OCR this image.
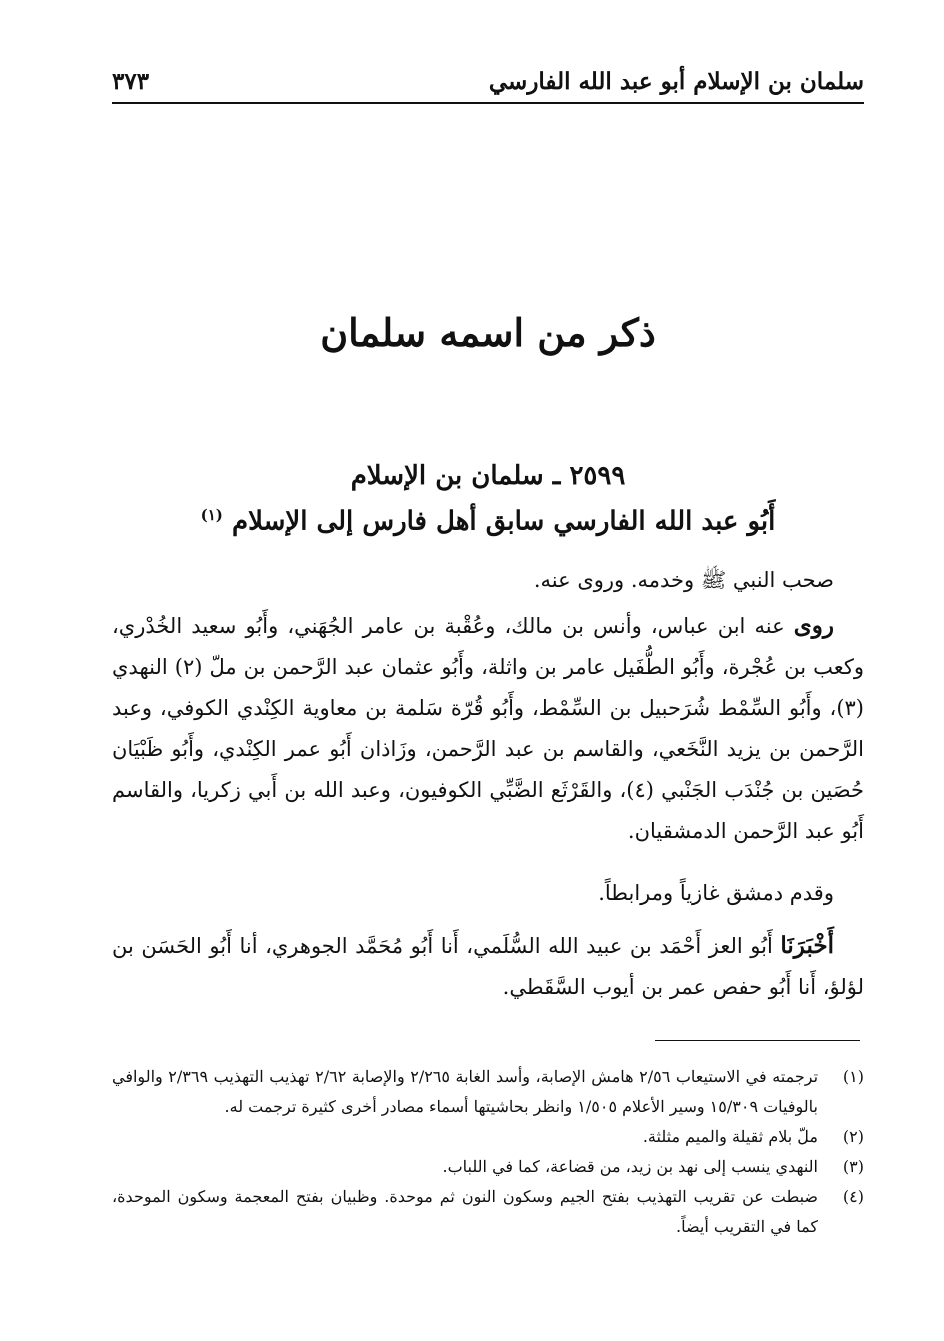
سلمان بن الإسلام أبو عبد الله الفارسي
٣٧٣
ذكر من اسمه سلمان
٢٥٩٩ ـ سلمان بن الإسلام
أَبُو عبد الله الفارسي سابق أهل فارس إلى الإسلام $^{(١)}$
صحب النبي ﷺ وخدمه. وروى عنه.
روى عنه ابن عباس، وأنس بن مالك، وعُقْبة بن عامر الجُهَني، وأَبُو سعيد الخُدْري، وكعب بن عُجْرة، وأَبُو الطُّفَيل عامر بن واثلة، وأَبُو عثمان عبد الرَّحمن بن ملّ (٢) النهدي (٣)، وأَبُو السِّمْط شُرَحبيل بن السِّمْط، وأَبُو قُرّة سَلمة بن معاوية الكِنْدي الكوفي، وعبد الرَّحمن بن يزيد النَّخَعي، والقاسم بن عبد الرَّحمن، وزَاذان أَبُو عمر الكِنْدي، وأَبُو ظَبْيَان حُصَين بن جُنْدَب الجَنْبي (٤)، والقَرْثَع الضَّبِّي الكوفيون، وعبد الله بن أَبي زكريا، والقاسم أَبُو عبد الرَّحمن الدمشقيان.
وقدم دمشق غازياً ومرابطاً.
أَخْبَرَنَا أَبُو العز أَحْمَد بن عبيد الله السُّلَمي، أَنا أَبُو مُحَمَّد الجوهري، أنا أَبُو الحَسَن بن لؤلؤ، أَنا أَبُو حفص عمر بن أيوب السَّقَطي.
(١)
ترجمته في الاستيعاب ٢/٥٦ هامش الإصابة، وأسد الغابة ٢/٢٦٥ والإصابة ٢/٦٢ تهذيب التهذيب ٢/٣٦٩ والوافي بالوفيات ١٥/٣٠٩ وسير الأعلام ١/٥٠٥ وانظر بحاشيتها أسماء مصادر أخرى كثيرة ترجمت له.
(٢)
ملّ بلام ثقيلة والميم مثلثة.
(٣)
النهدي ينسب إلى نهد بن زيد، من قضاعة، كما في اللباب.
(٤)
ضبطت عن تقريب التهذيب بفتح الجيم وسكون النون ثم موحدة. وظبيان بفتح المعجمة وسكون الموحدة، كما في التقريب أيضاً.
